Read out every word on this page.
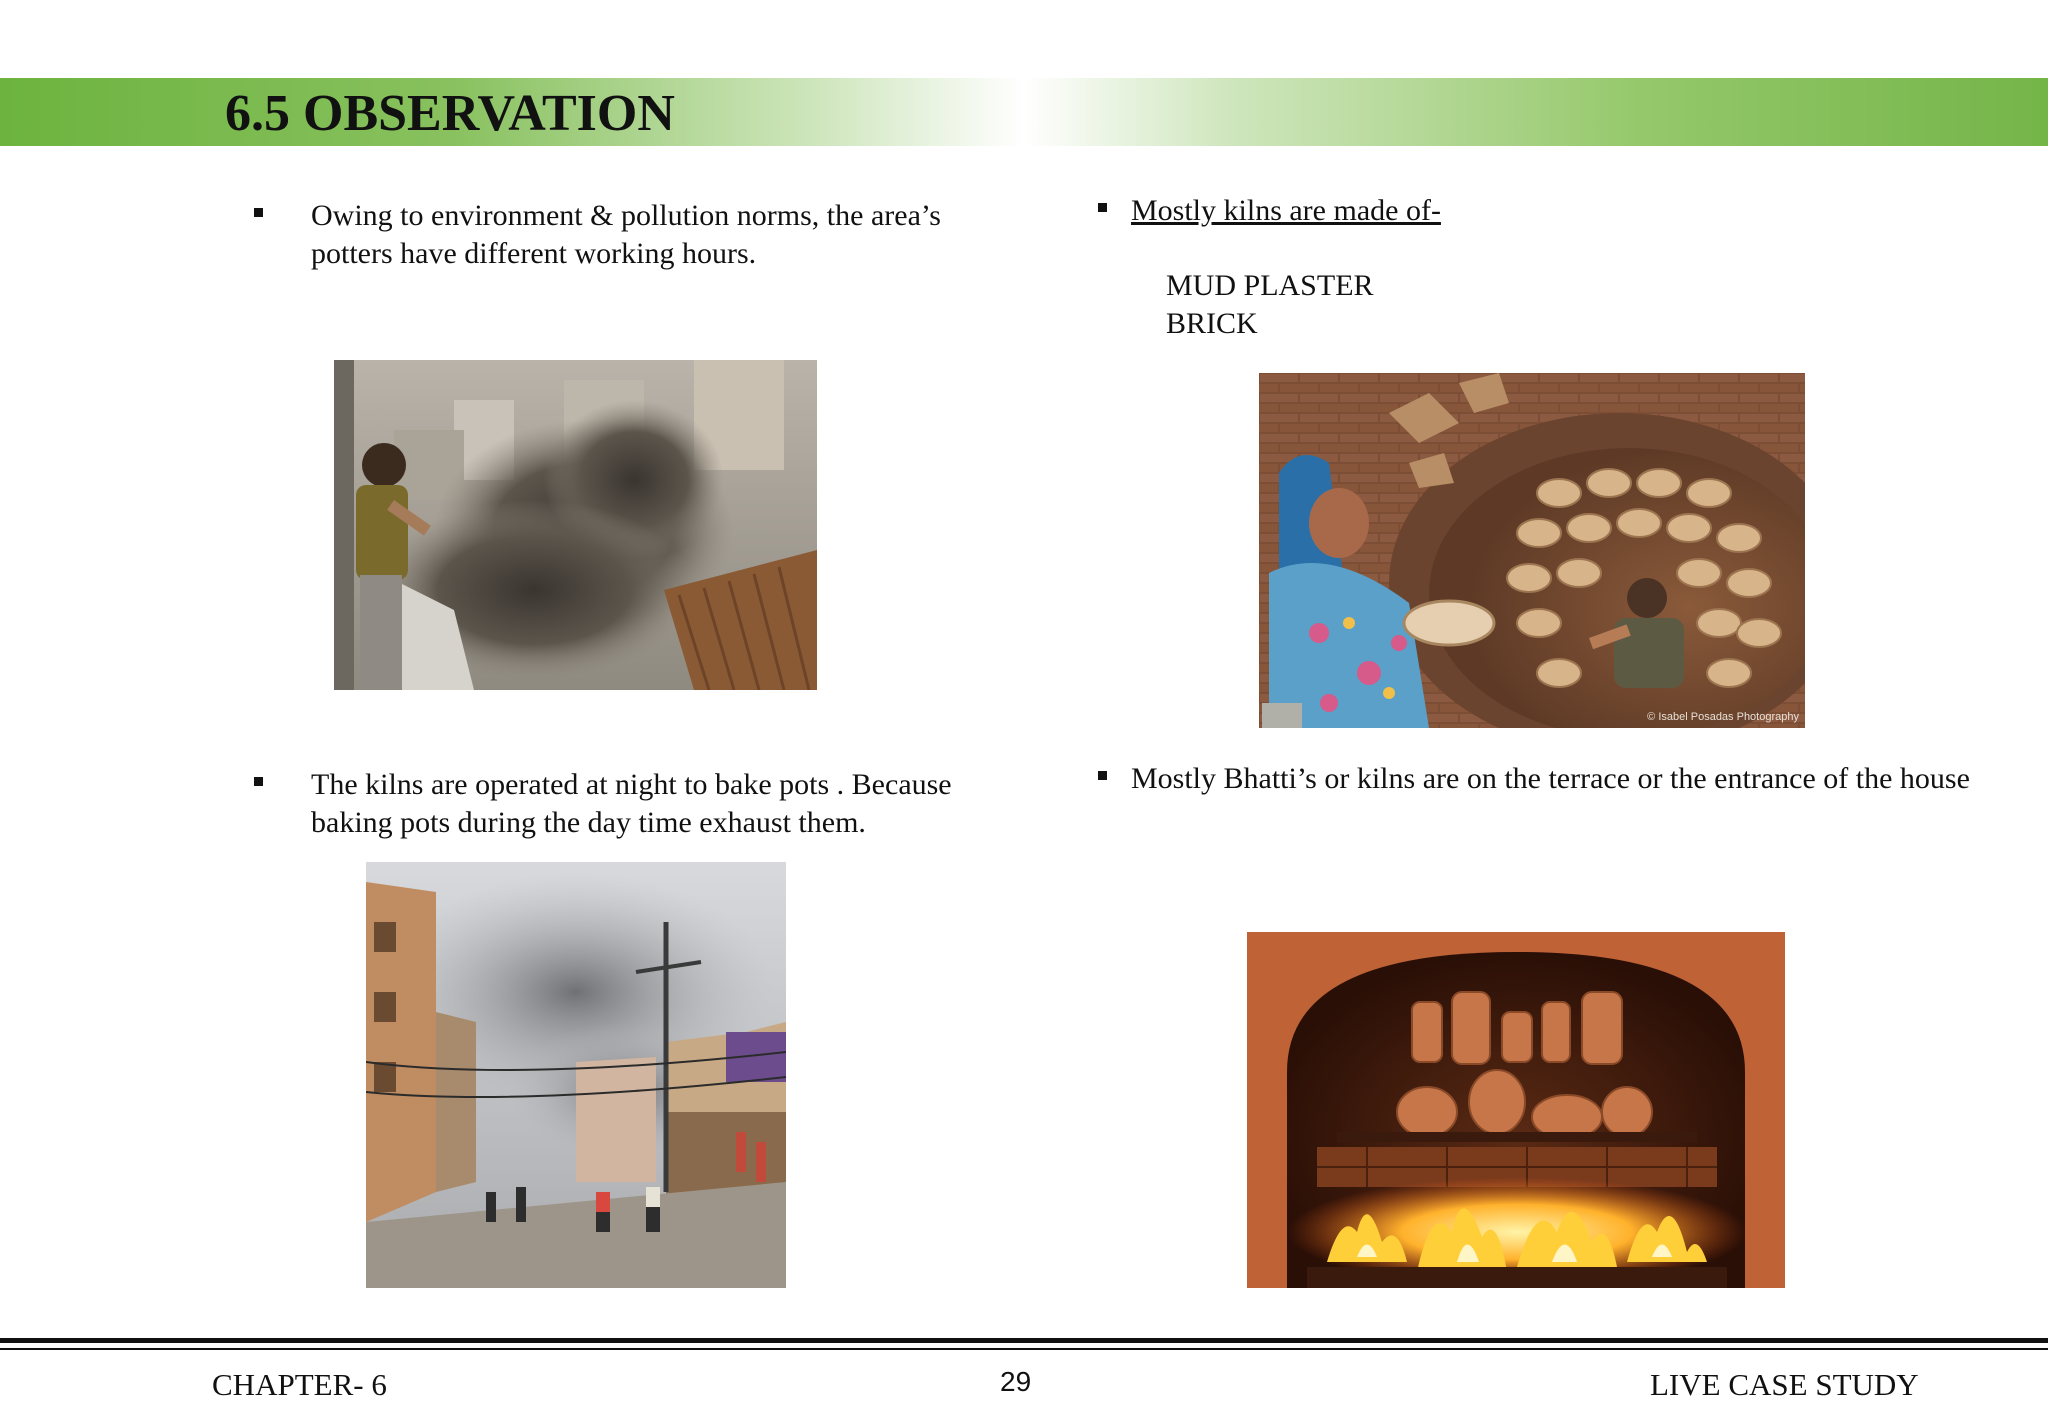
6.5 OBSERVATION
Owing to environment & pollution norms, the area’s
potters have different working hours.
The kilns are operated at night to bake pots . Because
baking pots during the day time exhaust them.
Mostly kilns are made of-
MUD PLASTER
BRICK
© Isabel Posadas Photography
Mostly Bhatti’s or kilns are on the terrace or the entrance of the house
CHAPTER- 6	29	LIVE CASE STUDY
